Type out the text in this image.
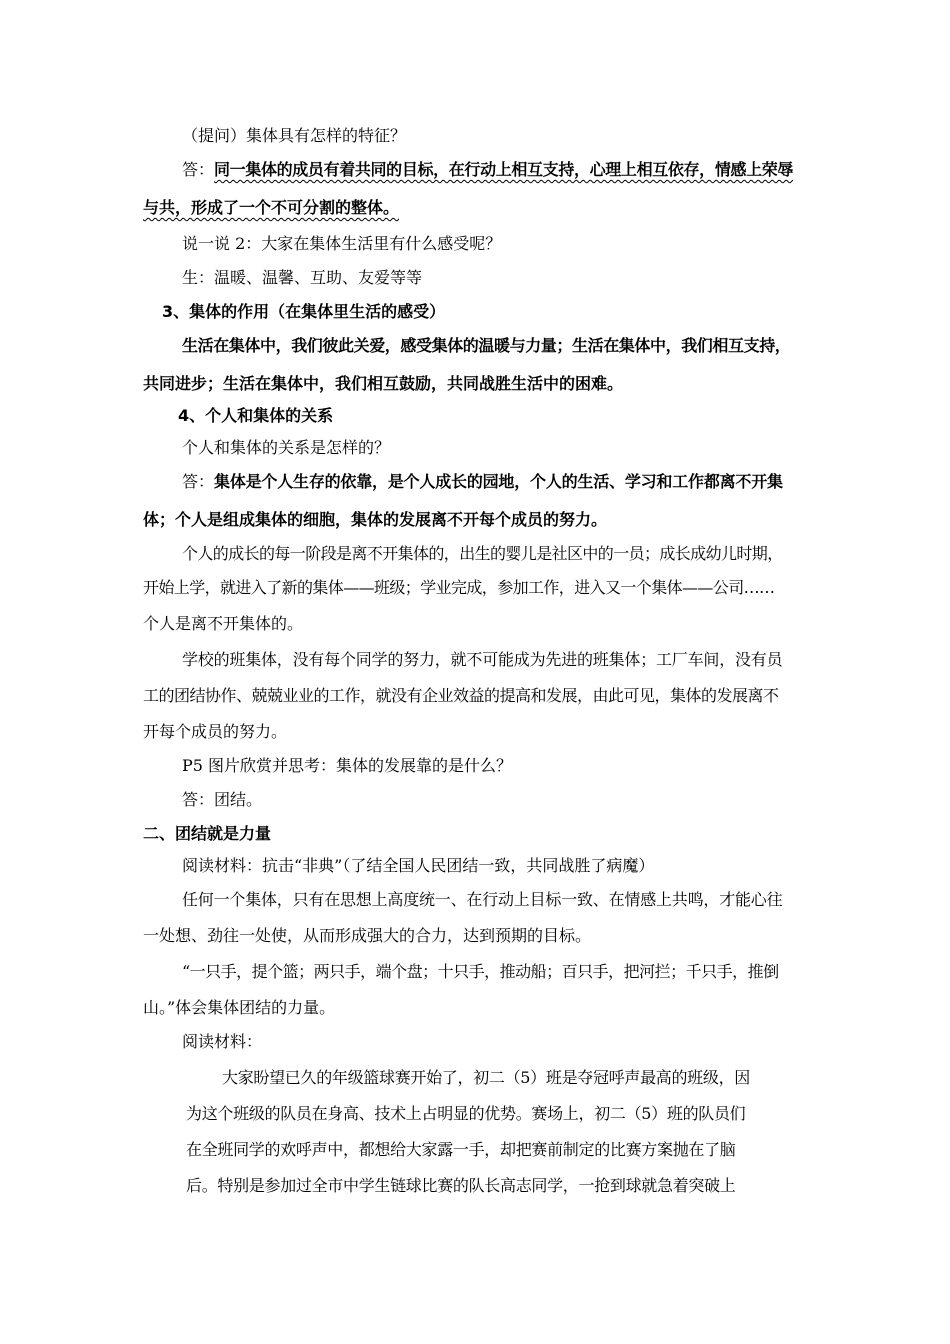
（提问）集体具有怎样的特征？
答：同一集体的成员有着共同的目标，在行动上相互支持，心理上相互依存，情感上荣辱
与共，形成了一个不可分割的整体。
说一说 2：大家在集体生活里有什么感受呢？
生：温暖、温馨、互助、友爱等等
3、集体的作用（在集体里生活的感受）
生活在集体中，我们彼此关爱，感受集体的温暖与力量；生活在集体中，我们相互支持，
共同进步；生活在集体中，我们相互鼓励，共同战胜生活中的困难。
4、个人和集体的关系
个人和集体的关系是怎样的？
答：集体是个人生存的依靠，是个人成长的园地，个人的生活、学习和工作都离不开集
体；个人是组成集体的细胞，集体的发展离不开每个成员的努力。
个人的成长的每一阶段是离不开集体的，出生的婴儿是社区中的一员；成长成幼儿时期，
开始上学，就进入了新的集体——班级；学业完成，参加工作，进入又一个集体——公司……
个人是离不开集体的。
学校的班集体，没有每个同学的努力，就不可能成为先进的班集体；工厂车间，没有员
工的团结协作、兢兢业业的工作，就没有企业效益的提高和发展，由此可见，集体的发展离不
开每个成员的努力。
P5 图片欣赏并思考：集体的发展靠的是什么？
答：团结。
二、团结就是力量
阅读材料：抗击“非典”（了结全国人民团结一致，共同战胜了病魔）
任何一个集体，只有在思想上高度统一、在行动上目标一致、在情感上共鸣，才能心往
一处想、劲往一处使，从而形成强大的合力，达到预期的目标。
“一只手，提个篮；两只手，端个盘；十只手，推动船；百只手，把河拦；千只手，推倒
山。”体会集体团结的力量。
阅读材料：
大家盼望已久的年级篮球赛开始了，初二（5）班是夺冠呼声最高的班级，因
为这个班级的队员在身高、技术上占明显的优势。赛场上，初二（5）班的队员们
在全班同学的欢呼声中，都想给大家露一手，却把赛前制定的比赛方案抛在了脑
后。特别是参加过全市中学生链球比赛的队长高志同学，一抢到球就急着突破上
